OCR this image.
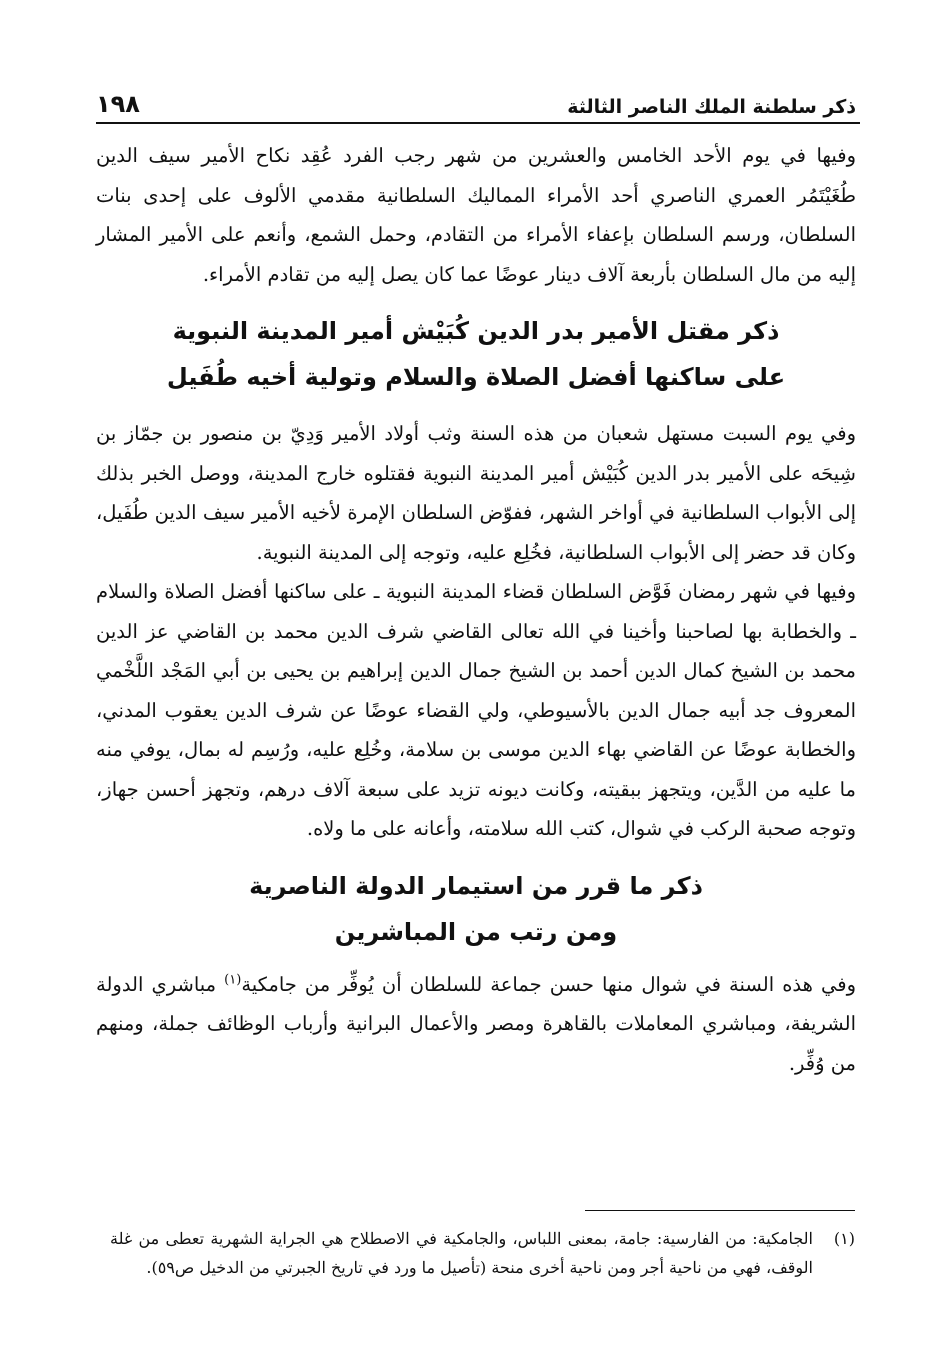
ذكر سلطنة الملك الناصر الثالثة
١٩٨

وفيها في يوم الأحد الخامس والعشرين من شهر رجب الفرد عُقِد نكاح الأمير سيف الدين طُغَيْتَمُر العمري الناصري أحد الأمراء المماليك السلطانية مقدمي الألوف على إحدى بنات السلطان، ورسم السلطان بإعفاء الأمراء من التقادم، وحمل الشمع، وأنعم على الأمير المشار إليه من مال السلطان بأربعة آلاف دينار عوضًا عما كان يصل إليه من تقادم الأمراء.

ذكر مقتل الأمير بدر الدين كُبَيْش أمير المدينة النبوية

على ساكنها أفضل الصلاة والسلام وتولية أخيه طُفَيل

وفي يوم السبت مستهل شعبان من هذه السنة وثب أولاد الأمير وَدِيّ بن منصور بن جمّاز بن شِيحَه على الأمير بدر الدين كُبَيْش أمير المدينة النبوية فقتلوه خارج المدينة، ووصل الخبر بذلك إلى الأبواب السلطانية في أواخر الشهر، ففوّض السلطان الإمرة لأخيه الأمير سيف الدين طُفَيل، وكان قد حضر إلى الأبواب السلطانية، فخُلِع عليه، وتوجه إلى المدينة النبوية.

وفيها في شهر رمضان فَوَّض السلطان قضاء المدينة النبوية ـ على ساكنها أفضل الصلاة والسلام ـ والخطابة بها لصاحبنا وأخينا في الله تعالى القاضي شرف الدين محمد بن القاضي عز الدين محمد بن الشيخ كمال الدين أحمد بن الشيخ جمال الدين إبراهيم بن يحيى بن أبي المَجْد اللَّخْمي المعروف جد أبيه جمال الدين بالأسيوطي، ولي القضاء عوضًا عن شرف الدين يعقوب المدني، والخطابة عوضًا عن القاضي بهاء الدين موسى بن سلامة، وخُلِع عليه، ورُسِم له بمال، يوفي منه ما عليه من الدَّين، ويتجهز ببقيته، وكانت ديونه تزيد على سبعة آلاف درهم، وتجهز أحسن جهاز، وتوجه صحبة الركب في شوال، كتب الله سلامته، وأعانه على ما ولاه.

ذكر ما قرر من استيمار الدولة الناصرية

ومن رتب من المباشرين

وفي هذه السنة في شوال منها حسن جماعة للسلطان أن يُوفِّر من جامكية$^{(١)}$ مباشري الدولة الشريفة، ومباشري المعاملات بالقاهرة ومصر والأعمال البرانية وأرباب الوظائف جملة، ومنهم من وُفِّر.

(١)

الجامكية: من الفارسية: جامة، بمعنى اللباس، والجامكية في الاصطلاح هي الجراية الشهرية تعطى من غلة الوقف، فهي من ناحية أجر ومن ناحية أخرى منحة (تأصيل ما ورد في تاريخ الجبرتي من الدخيل ص٥٩).
